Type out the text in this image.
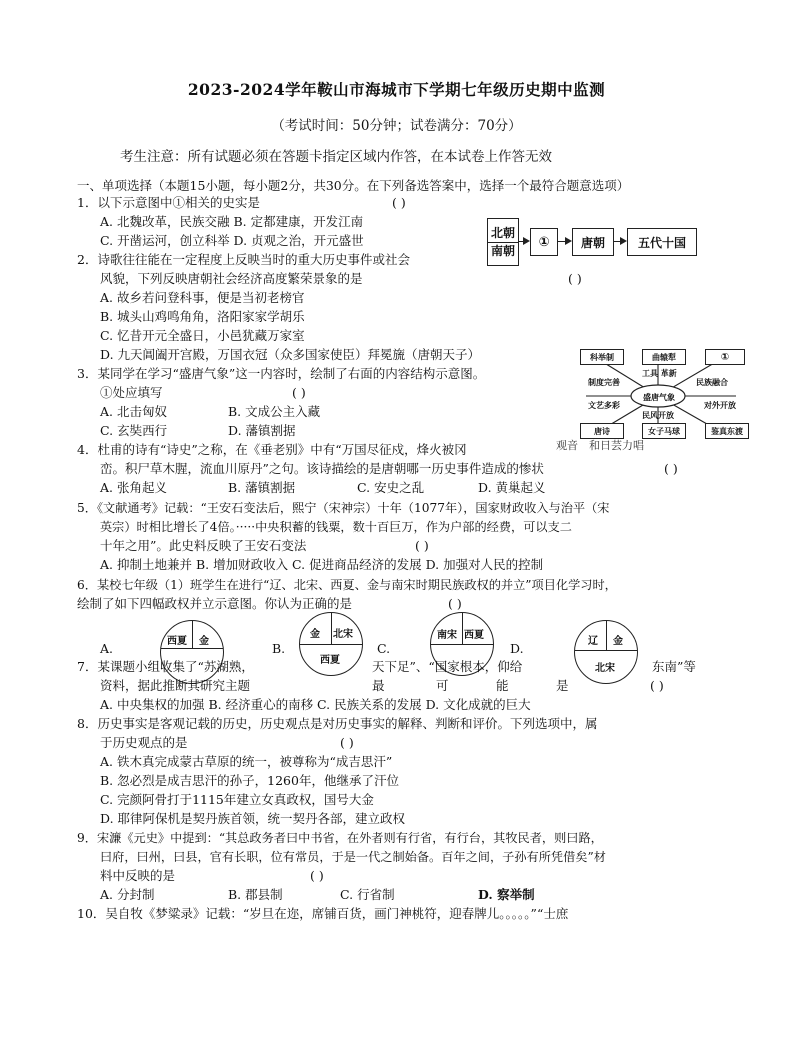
2023-2024学年鞍山市海城市下学期七年级历史期中监测
（考试时间：50分钟；试卷满分：70分）
考生注意：所有试题必须在答题卡指定区域内作答，在本试卷上作答无效
一、单项选择（本题15小题，每小题2分，共30分。在下列备选答案中，选择一个最符合题意选项）
1．以下示意图中①相关的史实是	( )
A. 北魏改革，民族交融 B. 定都建康，开发江南
C. 开凿运河，创立科举 D. 贞观之治，开元盛世
北朝
南朝
①	唐朝	五代十国
2．诗歌往往能在一定程度上反映当时的重大历史事件或社会
风貌，下列反映唐朝社会经济高度繁荣景象的是	( )
A. 故乡若问登科事，便是当初老榜官
B. 城头山鸡鸣角角，洛阳家家学胡乐
C. 忆昔开元全盛日，小邑犹藏万家室
D. 九天阊阖开宫殿，万国衣冠（众多国家使臣）拜冕旒（唐朝天子）	科举制	曲辕犁	①
制度完善
工具 革新
民族融合
文艺多彩
盛唐气象
对外开放
民风开放
唐诗	女子马球	鉴真东渡
3．某同学在学习“盛唐气象”这一内容时，绘制了右面的内容结构示意图。
①处应填写	( )
A. 北击匈奴	B. 文成公主入藏
C. 玄奘西行	D. 藩镇割据
4．杜甫的诗有“诗史”之称，在《垂老别》中有“万国尽征戍，烽火被冈	观音　和日芸力唱
峦。积尸草木腥，流血川原丹”之句。该诗描绘的是唐朝哪一历史事件造成的惨状	( )
A. 张角起义	B. 藩镇割据	C. 安史之乱	D. 黄巢起义
5．《文献通考》记载：“王安石变法后，熙宁（宋神宗）十年（1077年），国家财政收入与治平（宋
英宗）时相比增长了4倍。·····中央积蓄的钱粟，数十百巨万，作为户部的经费，可以支二
十年之用”。此史料反映了王安石变法	( )
A. 抑制土地兼并 B. 增加财政收入 C. 促进商品经济的发展 D. 加强对人民的控制
6．某校七年级（1）班学生在进行“辽、北宋、西夏、金与南宋时期民族政权的并立”项目化学习时，
绘制了如下四幅政权并立示意图。你认为正确的是	( )
A.	B.	C.	D.
西夏 金
金 北宋
西夏
南宋 西夏
辽 金
北宋
7．某课题小组收集了“苏湖熟，	天下足”、“国家根本，仰给	东南”等
资料，据此推断其研究主题	最	可	能	是	( )
A. 中央集权的加强 B. 经济重心的南移 C. 民族关系的发展 D. 文化成就的巨大
8．历史事实是客观记载的历史，历史观点是对历史事实的解释、判断和评价。下列选项中，属
于历史观点的是	( )
A. 铁木真完成蒙古草原的统一，被尊称为“成吉思汗”
B. 忽必烈是成吉思汗的孙子，1260年，他继承了汗位
C. 完颜阿骨打于1115年建立女真政权，国号大金
D. 耶律阿保机是契丹族首领，统一契丹各部，建立政权
9．宋濂《元史》中提到：“其总政务者曰中书省，在外者则有行省，有行台，其牧民者，则曰路，
曰府，曰州，曰县，官有长职，位有常员，于是一代之制始备。百年之间，子孙有所凭借矣”材
料中反映的是	( )
A. 分封制	B. 郡县制	C. 行省制	D. 察举制
10．吴自牧《梦粱录》记载：“岁旦在迩，席铺百货，画门神桃符，迎春牌儿。。。。。”“士庶
